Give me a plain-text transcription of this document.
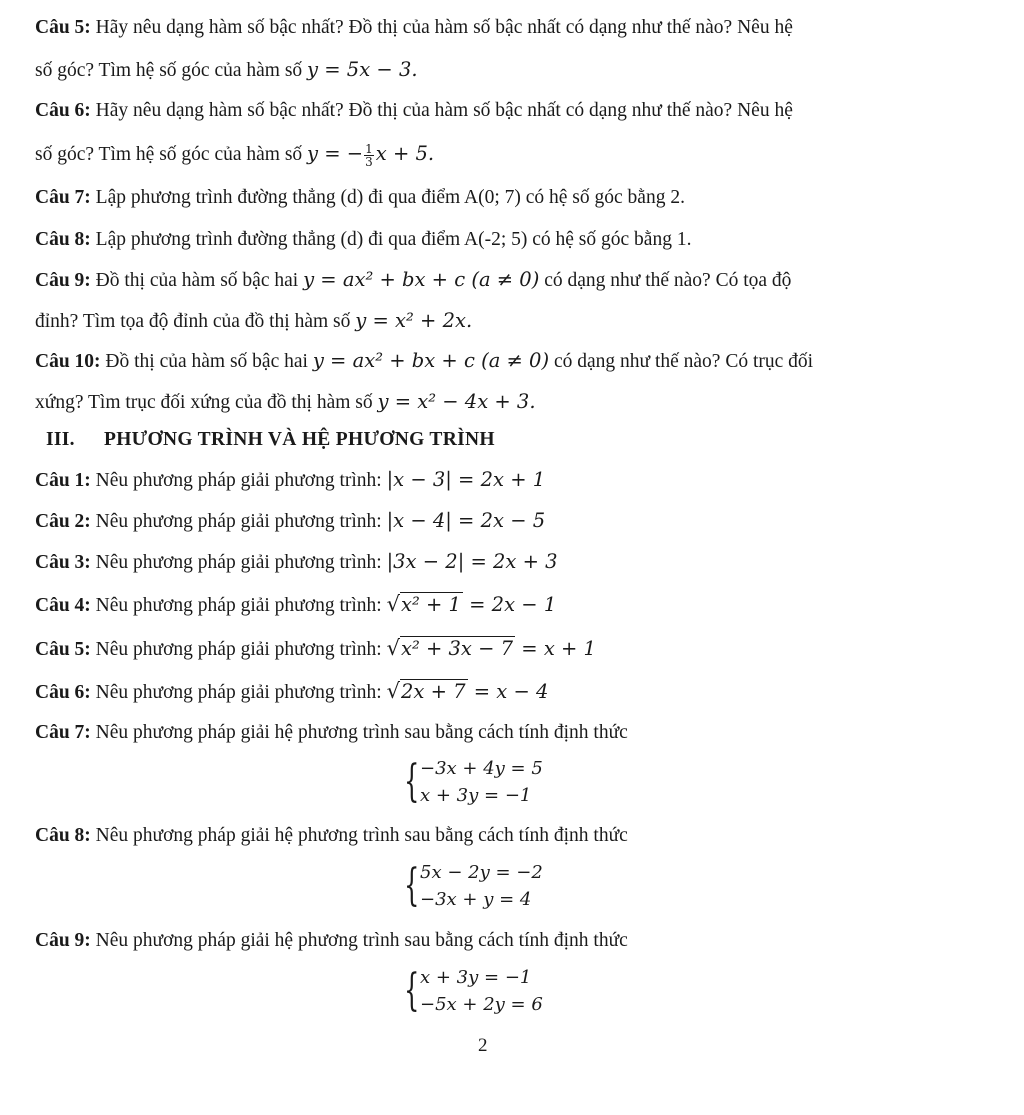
Câu 5: Hãy nêu dạng hàm số bậc nhất? Đồ thị của hàm số bậc nhất có dạng như thế nào? Nêu hệ
số góc? Tìm hệ số góc của hàm số y = 5x − 3.
Câu 6: Hãy nêu dạng hàm số bậc nhất? Đồ thị của hàm số bậc nhất có dạng như thế nào? Nêu hệ
số góc? Tìm hệ số góc của hàm số y = − $\frac{1}{3}$ x + 5.
Câu 7: Lập phương trình đường thẳng (d) đi qua điểm A(0; 7) có hệ số góc bằng 2.
Câu 8: Lập phương trình đường thẳng (d) đi qua điểm A(-2; 5) có hệ số góc bằng 1.
Câu 9: Đồ thị của hàm số bậc hai y = ax² + bx + c (a ≠ 0) có dạng như thế nào? Có tọa độ
đỉnh? Tìm tọa độ đỉnh của đồ thị hàm số y = x² + 2x.
Câu 10: Đồ thị của hàm số bậc hai y = ax² + bx + c (a ≠ 0) có dạng như thế nào? Có trục đối
xứng? Tìm trục đối xứng của đồ thị hàm số y = x² − 4x + 3.
III. PHƯƠNG TRÌNH VÀ HỆ PHƯƠNG TRÌNH
Câu 1: Nêu phương pháp giải phương trình: |x − 3| = 2x + 1
Câu 2: Nêu phương pháp giải phương trình: |x − 4| = 2x − 5
Câu 3: Nêu phương pháp giải phương trình: |3x − 2| = 2x + 3
Câu 4: Nêu phương pháp giải phương trình: √x² + 1 = 2x − 1
Câu 5: Nêu phương pháp giải phương trình: √x² + 3x − 7 = x + 1
Câu 6: Nêu phương pháp giải phương trình: √2x + 7 = x − 4
Câu 7: Nêu phương pháp giải hệ phương trình sau bằng cách tính định thức
{ −3x + 4y = 5
x + 3y = −1
Câu 8: Nêu phương pháp giải hệ phương trình sau bằng cách tính định thức
{ 5x − 2y = −2
−3x + y = 4
Câu 9: Nêu phương pháp giải hệ phương trình sau bằng cách tính định thức
{ x + 3y = −1
−5x + 2y = 6
2
